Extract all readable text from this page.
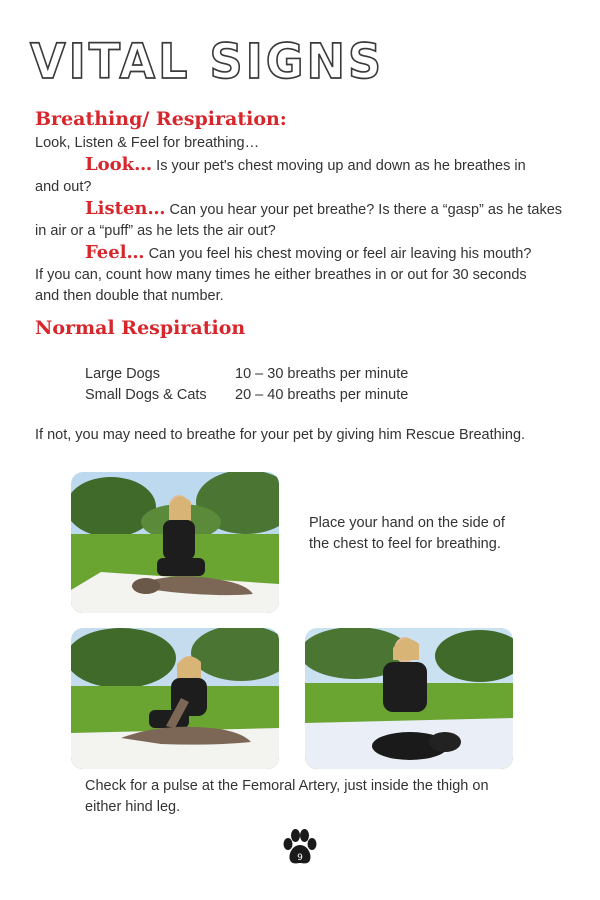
VITAL SIGNS
Breathing/ Respiration:
Look, Listen & Feel for breathing…
Look… Is your pet's chest moving up and down as he breathes in
and out?
Listen… Can you hear your pet breathe? Is there a “gasp” as he takes
in air or a “puff” as he lets the air out?
Feel… Can you feel his chest moving or feel air leaving his mouth?
If you can, count how many times he either breathes in or out for 30 seconds
and then double that number.
Normal Respiration
Large Dogs	10 – 30 breaths per minute
Small Dogs & Cats	20 – 40 breaths per minute
If not, you may need to breathe for your pet by giving him Rescue Breathing.
Place your hand on the side of
the chest to feel for breathing.
Check for a pulse at the Femoral Artery, just inside the thigh on
either hind leg.
9
